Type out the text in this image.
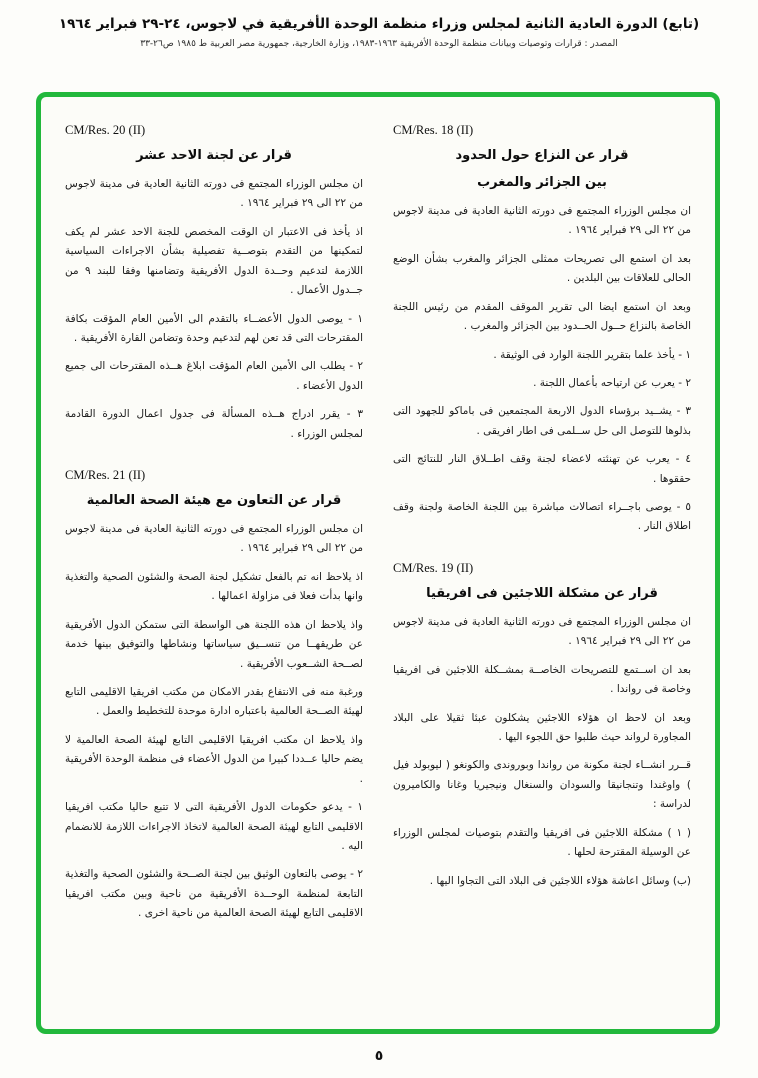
(تابع) الدورة العادية الثانية لمجلس وزراء منظمة الوحدة الأفريقية في لاجوس، ٢٤-٢٩ فبراير ١٩٦٤
المصدر : قرارات وتوصيات وبيانات منظمة الوحدة الأفريقية ١٩٦٣-١٩٨٣، وزارة الخارجية، جمهورية مصر العربية ط ١٩٨٥ ص٢٦-٣٣
CM/Res. 18 (II)
قرار عن النزاع حول الحدود
بين الجزائر والمغرب

ان مجلس الوزراء المجتمع فى دورته الثانية العادية فى مدينة لاجوس من ٢٢ الى ٢٩ فبراير ١٩٦٤ .

بعد ان استمع الى تصريحات ممثلى الجزائر والمغرب بشأن الوضع الحالى للعلاقات بين البلدين .

وبعد ان استمع ايضا الى تقرير الموقف المقدم من رئيس اللجنة الخاصة بالنزاع حــول الحــدود بين الجزائر والمغرب .

١ - يأخذ علما بتقرير اللجنة الوارد فى الوثيقة .

٢ - يعرب عن ارتياحه بأعمال اللجنة .

٣ - يشــيد برؤساء الدول الاربعة المجتمعين فى باماكو للجهود التى بذلوها للتوصل الى حل ســلمى فى اطار افريقى .

٤ - يعرب عن تهنئته لاعضاء لجنة وقف اطــلاق النار للنتائج التى حققوها .

٥ - يوصى باجــراء اتصالات مباشرة بين اللجنة الخاصة ولجنة وقف اطلاق النار .

CM/Res. 19 (II)
قرار عن مشكلة اللاجئين فى افريقيا

ان مجلس الوزراء المجتمع فى دورته الثانية العادية فى مدينة لاجوس من ٢٢ الى ٢٩ فبراير ١٩٦٤ .

بعد ان اســتمع للتصريحات الخاصــة بمشــكلة اللاجئين فى افريقيا وخاصة فى رواندا .

وبعد ان لاحظ ان هؤلاء اللاجئين يشكلون عبئا ثقيلا على البلاد المجاورة لرواند حيث طلبوا حق اللجوء اليها .

قــرر انشــاء لجنة مكونة من رواندا وبوروندى والكونغو ( ليوبولد فيل ) واوغندا وتنجانيقا والسودان والسنغال ونيجيريا وغانا والكاميرون لدراسة :

( ١ ) مشكلة اللاجئين فى افريقيا والتقدم بتوصيات لمجلس الوزراء عن الوسيلة المقترحة لحلها .

(ب) وسائل اعاشة هؤلاء اللاجئين فى البلاد التى التجاوا اليها .

CM/Res. 20 (II)
قرار عن لجنة الاحد عشر

ان مجلس الوزراء المجتمع فى دورته الثانية العادية فى مدينة لاجوس من ٢٢ الى ٢٩ فبراير ١٩٦٤ .

اذ يأخذ فى الاعتبار ان الوقت المخصص للجنة الاحد عشر لم يكف لتمكينها من التقدم بتوصــية تفصيلية بشأن الاجراءات السياسية اللازمة لتدعيم وحــدة الدول الأفريقية وتضامنها وفقا للبند ٩ من جــدول الأعمال .

١ - يوصى الدول الأعضــاء بالتقدم الى الأمين العام المؤقت بكافة المقترحات التى قد تعن لهم لتدعيم وحدة وتضامن القارة الأفريقية .

٢ - يطلب الى الأمين العام المؤقت ابلاغ هــذه المقترحات الى جميع الدول الأعضاء .

٣ - يقرر ادراج هــذه المسألة فى جدول اعمال الدورة القادمة لمجلس الوزراء .

CM/Res. 21 (II)
قرار عن التعاون مع هيئة الصحة العالمية

ان مجلس الوزراء المجتمع فى دورته الثانية العادية فى مدينة لاجوس من ٢٢ الى ٢٩ فبراير ١٩٦٤ .

اذ يلاحظ انه تم بالفعل تشكيل لجنة الصحة والشئون الصحية والتغذية وانها بدأت فعلا فى مزاولة اعمالها .

واذ يلاحظ ان هذه اللجنة هى الواسطة التى ستمكن الدول الأفريقية عن طريقهــا من تنســيق سياساتها ونشاطها والتوفيق بينها خدمة لصــحة الشــعوب الأفريقية .

ورغبة منه فى الانتفاع بقدر الامكان من مكتب افريقيا الاقليمى التابع لهيئة الصــحة العالمية باعتباره ادارة موحدة للتخطيط والعمل .

واذ يلاحظ ان مكتب افريقيا الاقليمى التابع لهيئة الصحة العالمية لا يضم حاليا عــددا كبيرا من الدول الأعضاء فى منظمة الوحدة الأفريقية .

١ - يدعو حكومات الدول الأفريقية التى لا تتبع حاليا مكتب افريقيا الاقليمى التابع لهيئة الصحة العالمية لاتخاذ الاجراءات اللازمة للانضمام اليه .

٢ - يوصى بالتعاون الوثيق بين لجنة الصــحة والشئون الصحية والتغذية التابعة لمنظمة الوحــدة الأفريقية من ناحية وبين مكتب افريقيا الاقليمى التابع لهيئة الصحة العالمية من ناحية اخرى .

٥
